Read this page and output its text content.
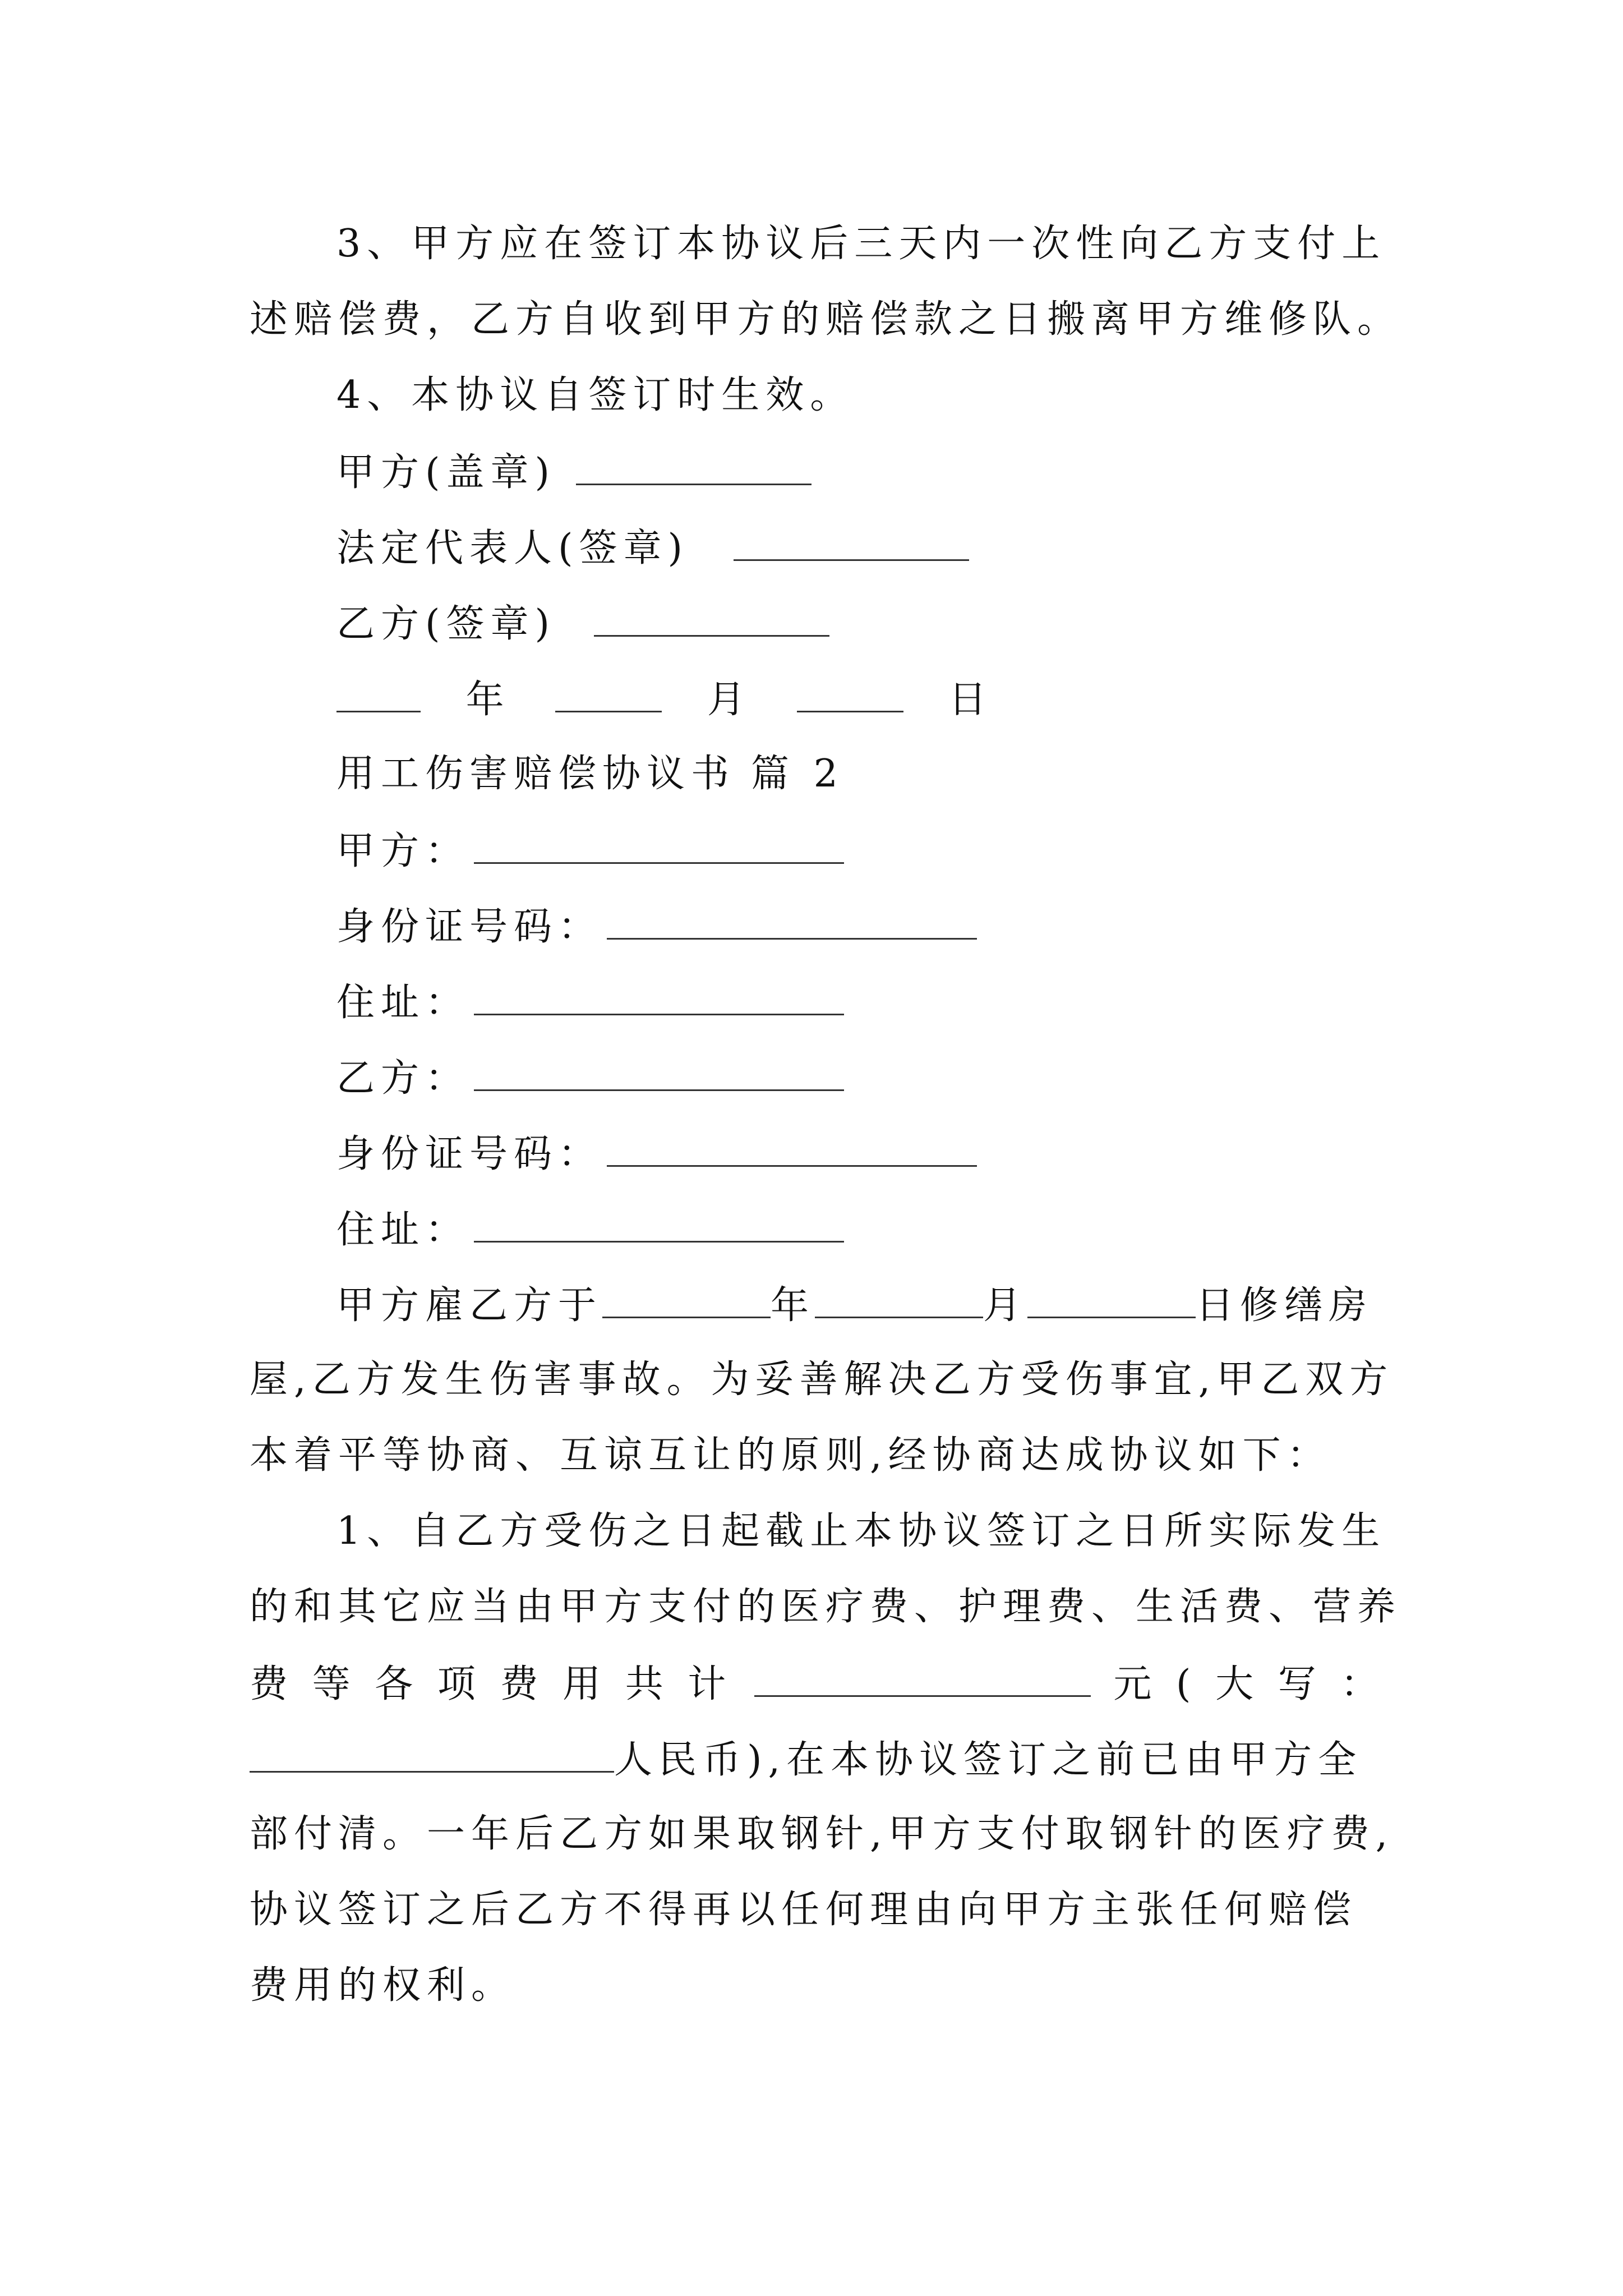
3、甲方应在签订本协议后三天内一次性向乙方支付上
述赔偿费，乙方自收到甲方的赔偿款之日搬离甲方维修队。
4、本协议自签订时生效。
甲方(盖章)
法定代表人(签章)
乙方(签章)
年	月	日
用工伤害赔偿协议书 篇 2
甲方：
身份证号码：
住址：
乙方：
身份证号码：
住址：
甲方雇乙方于	年	月	日修缮房
屋,乙方发生伤害事故。为妥善解决乙方受伤事宜,甲乙双方
本着平等协商、互谅互让的原则,经协商达成协议如下：
1、自乙方受伤之日起截止本协议签订之日所实际发生
的和其它应当由甲方支付的医疗费、护理费、生活费、营养
费 等 各 项 费 用 共 计	元 ( 大 写 ：
人民币),在本协议签订之前已由甲方全
部付清。一年后乙方如果取钢针,甲方支付取钢针的医疗费,
协议签订之后乙方不得再以任何理由向甲方主张任何赔偿
费用的权利。
